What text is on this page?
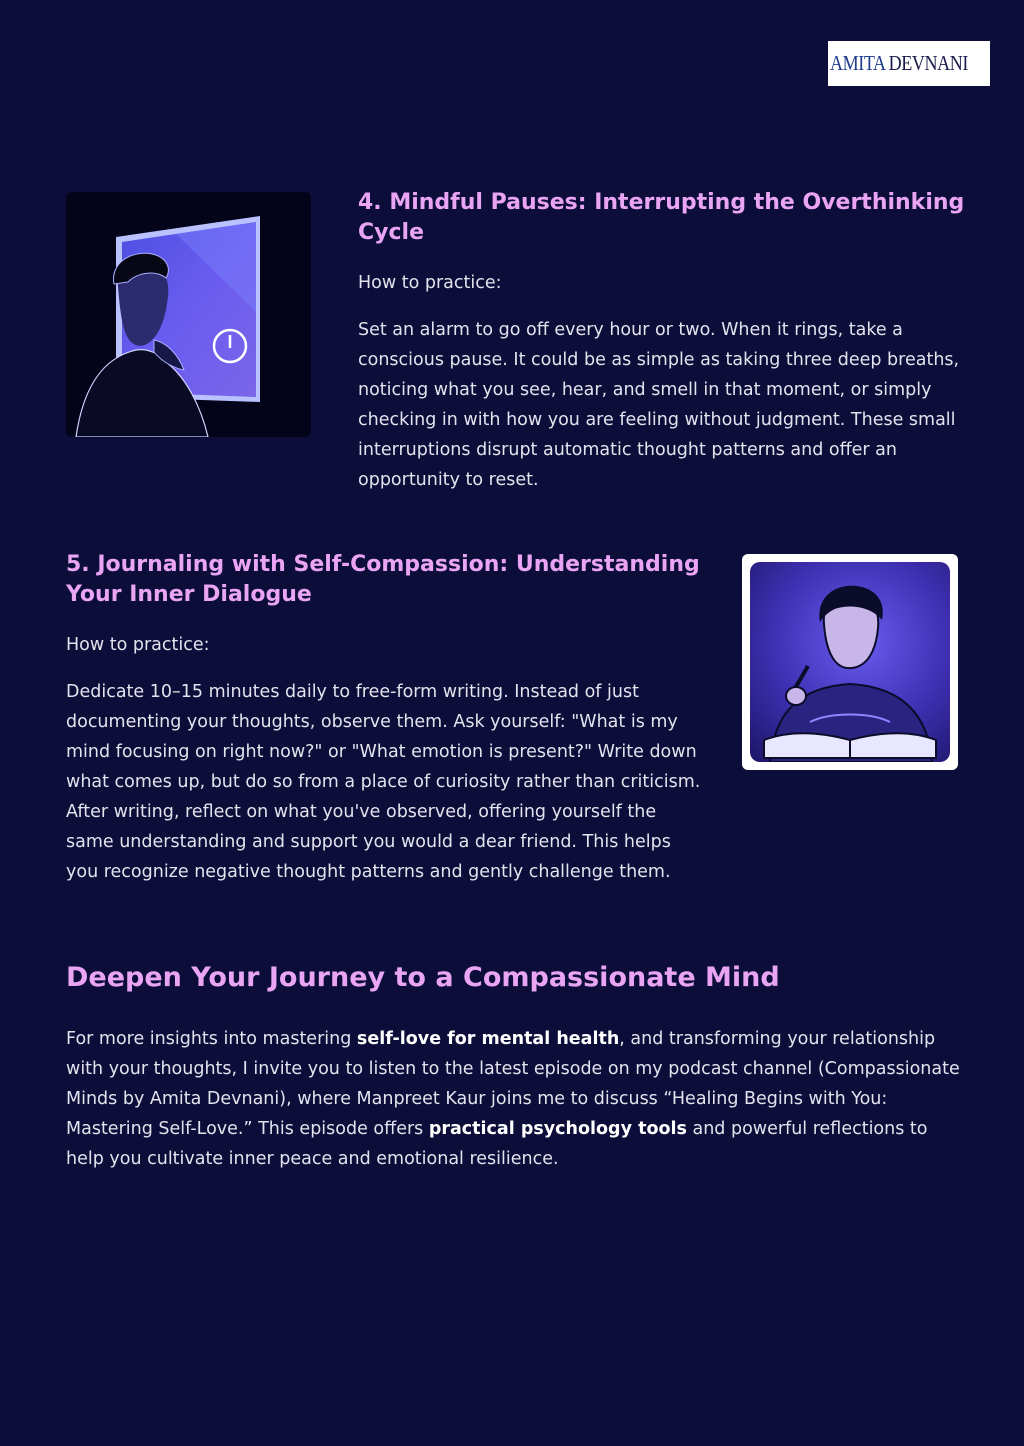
AMITA DEVNANI
4. Mindful Pauses: Interrupting the Overthinking Cycle

How to practice:

Set an alarm to go off every hour or two. When it rings, take a conscious pause. It could be as simple as taking three deep breaths, noticing what you see, hear, and smell in that moment, or simply checking in with how you are feeling without judgment. These small interruptions disrupt automatic thought patterns and offer an opportunity to reset.

5. Journaling with Self-Compassion: Understanding Your Inner Dialogue

How to practice:

Dedicate 10–15 minutes daily to free-form writing. Instead of just documenting your thoughts, observe them. Ask yourself: "What is my mind focusing on right now?" or "What emotion is present?" Write down what comes up, but do so from a place of curiosity rather than criticism. After writing, reflect on what you've observed, offering yourself the same understanding and support you would a dear friend. This helps you recognize negative thought patterns and gently challenge them.

Deepen Your Journey to a Compassionate Mind

For more insights into mastering self-love for mental health, and transforming your relationship with your thoughts, I invite you to listen to the latest episode on my podcast channel (Compassionate Minds by Amita Devnani), where Manpreet Kaur joins me to discuss “Healing Begins with You: Mastering Self-Love.” This episode offers practical psychology tools and powerful reflections to help you cultivate inner peace and emotional resilience.
